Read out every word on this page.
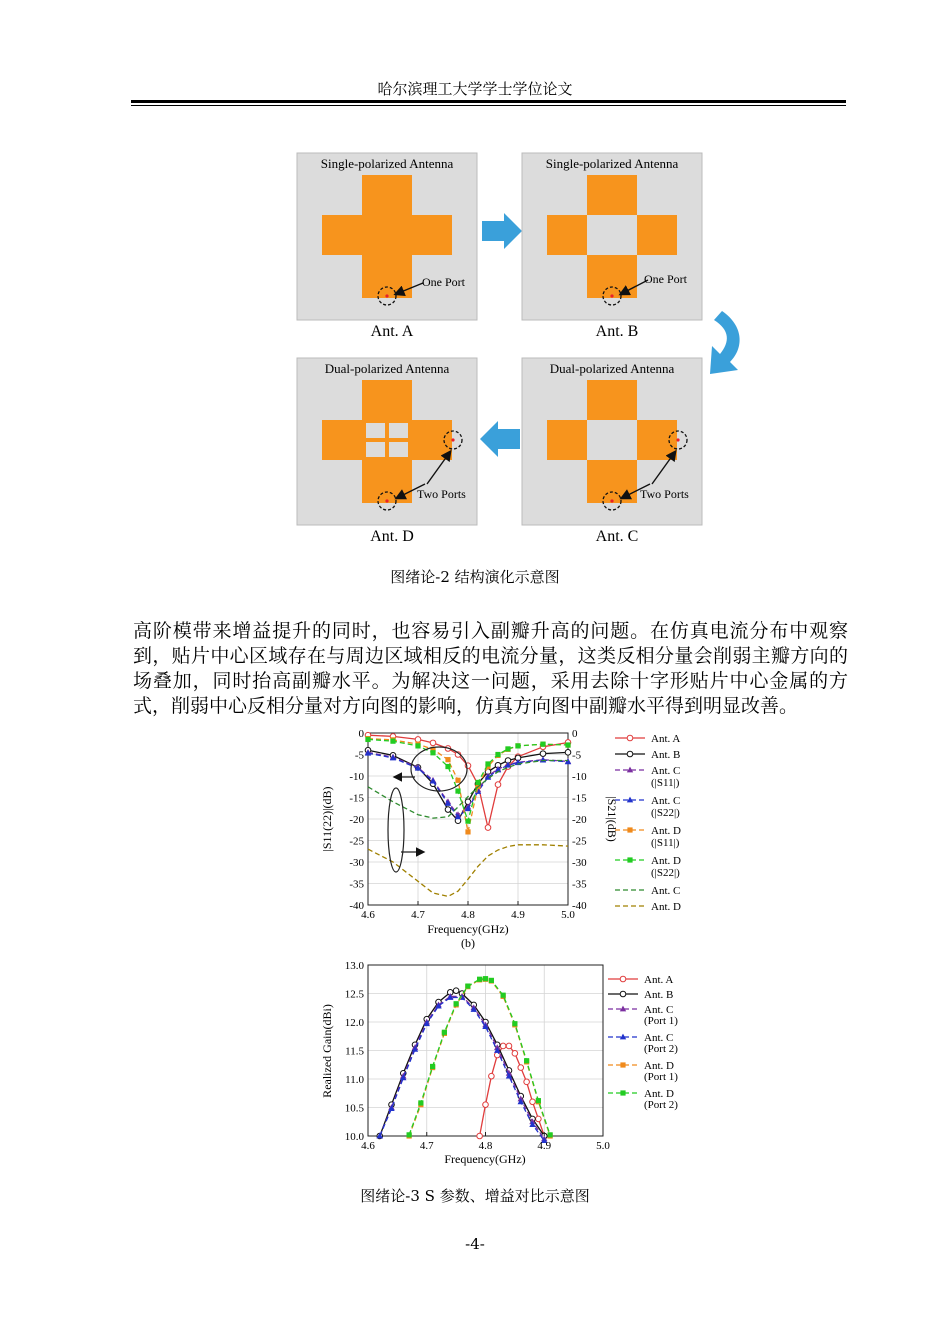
哈尔滨理工大学学士学位论文
Single-polarized Antenna
One Port
Ant. A
Single-polarized Antenna
One Port
Ant. B
Dual-polarized Antenna
Two Ports
Ant. D
Dual-polarized Antenna
Two Ports
Ant. C
图绪论-2 结构演化示意图

高阶模带来增益提升的同时，也容易引入副瓣升高的问题。在仿真电流分布中观察到，贴片中心区域存在与周边区域相反的电流分量，这类反相分量会削弱主瓣方向的场叠加，同时抬高副瓣水平。为解决这一问题，采用去除十字形贴片中心金属的方式，削弱中心反相分量对方向图的影响，仿真方向图中副瓣水平得到明显改善。

4.6	4.7	4.8	4.9	5.0
0	0
-5	-5
-10	-10
-15	-15
-20	-20
-25	-25
-30	-30
-35	-35
-40	-40
Frequency(GHz)
(b)
|S11(22)|(dB)	|S21|(dB)
Ant. A
Ant. B
Ant. C
(|S11|)
Ant. C
(|S22|)
Ant. D
(|S11|)
Ant. D
(|S22|)
Ant. C
Ant. D
4.6	4.7	4.8	4.9	5.0
13.0
12.5
12.0
11.5
11.0
10.5
10.0
Frequency(GHz)
Realized Gain(dBi)
Ant. A
Ant. B
Ant. C
(Port 1)
Ant. C
(Port 2)
Ant. D
(Port 1)
Ant. D
(Port 2)
图绪论-3 S 参数、增益对比示意图
-4-
